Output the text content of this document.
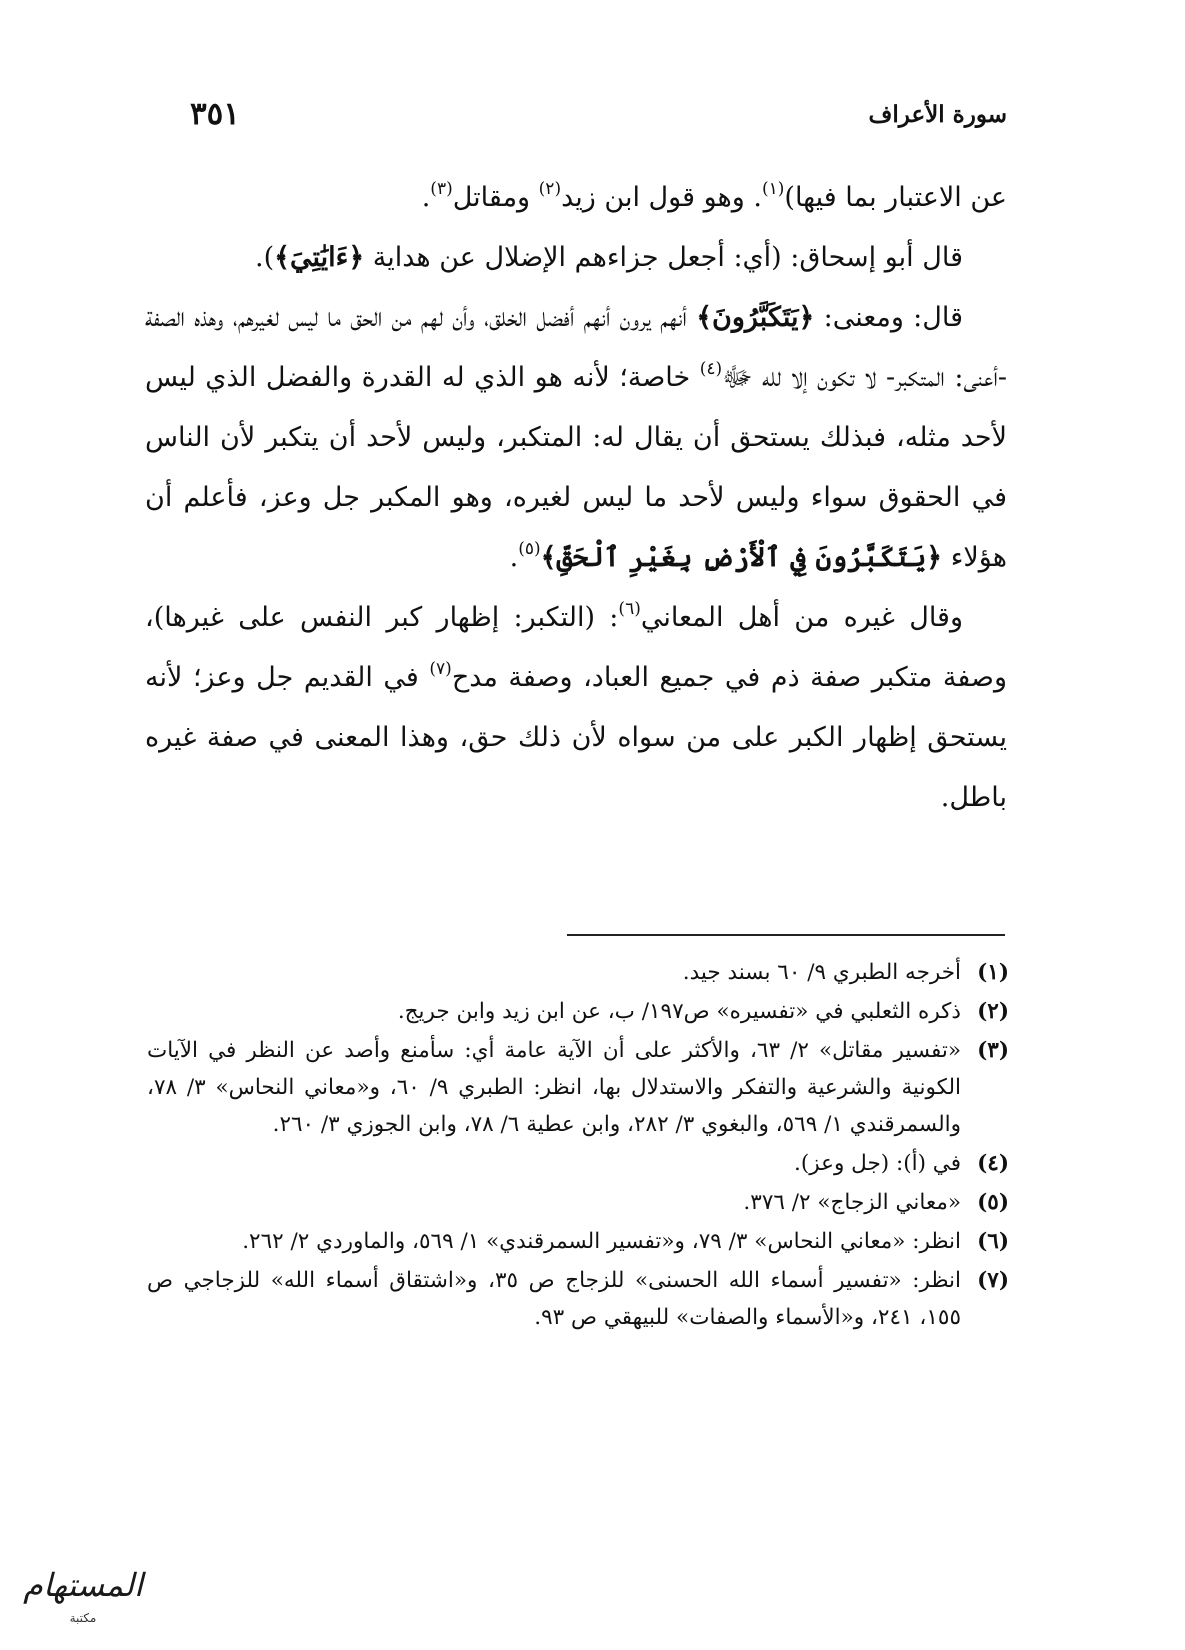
سورة الأعراف
٣٥١

عن الاعتبار بما فيها)$^{(١)}$. وهو قول ابن زيد$^{(٢)}$ ومقاتل$^{(٣)}$.

قال أبو إسحاق: (أي: أجعل جزاءهم الإضلال عن هداية ﴿ءَايَٰتِيَ﴾).

قال: ومعنى: ﴿يَتَكَبَّرُونَ﴾ أنهم يرون أنهم أفضل الخلق، وأن لهم من الحق ما ليس لغيرهم، وهذه الصفة -أعنى: المتكبر- لا تكون إلا لله ﷻ$^{(٤)}$ خاصة؛ لأنه هو الذي له القدرة والفضل الذي ليس لأحد مثله، فبذلك يستحق أن يقال له: المتكبر، وليس لأحد أن يتكبر لأن الناس في الحقوق سواء وليس لأحد ما ليس لغيره، وهو المكبر جل وعز، فأعلم أن هؤلاء ﴿يَتَكَبَّرُونَ فِي ٱلْأَرْضِ بِغَيْرِ ٱلْحَقِّ﴾$^{(٥)}$.

وقال غيره من أهل المعاني$^{(٦)}$: (التكبر: إظهار كبر النفس على غيرها)، وصفة متكبر صفة ذم في جميع العباد، وصفة مدح$^{(٧)}$ في القديم جل وعز؛ لأنه يستحق إظهار الكبر على من سواه لأن ذلك حق، وهذا المعنى في صفة غيره باطل.

(١)
أخرجه الطبري ٩/ ٦٠ بسند جيد.
(٢)
ذكره الثعلبي في «تفسيره» ص١٩٧/ ب، عن ابن زيد وابن جريج.
(٣)
«تفسير مقاتل» ٢/ ٦٣، والأكثر على أن الآية عامة أي: سأمنع وأصد عن النظر في الآيات الكونية والشرعية والتفكر والاستدلال بها، انظر: الطبري ٩/ ٦٠، و«معاني النحاس» ٣/ ٧٨، والسمرقندي ١/ ٥٦٩، والبغوي ٣/ ٢٨٢، وابن عطية ٦/ ٧٨، وابن الجوزي ٣/ ٢٦٠.
(٤)
في (أ): (جل وعز).
(٥)
«معاني الزجاج» ٢/ ٣٧٦.
(٦)
انظر: «معاني النحاس» ٣/ ٧٩، و«تفسير السمرقندي» ١/ ٥٦٩، والماوردي ٢/ ٢٦٢.
(٧)
انظر: «تفسير أسماء الله الحسنى» للزجاج ص ٣٥، و«اشتقاق أسماء الله» للزجاجي ص ١٥٥، ٢٤١، و«الأسماء والصفات» للبيهقي ص ٩٣.
المستهام
مكتبة
